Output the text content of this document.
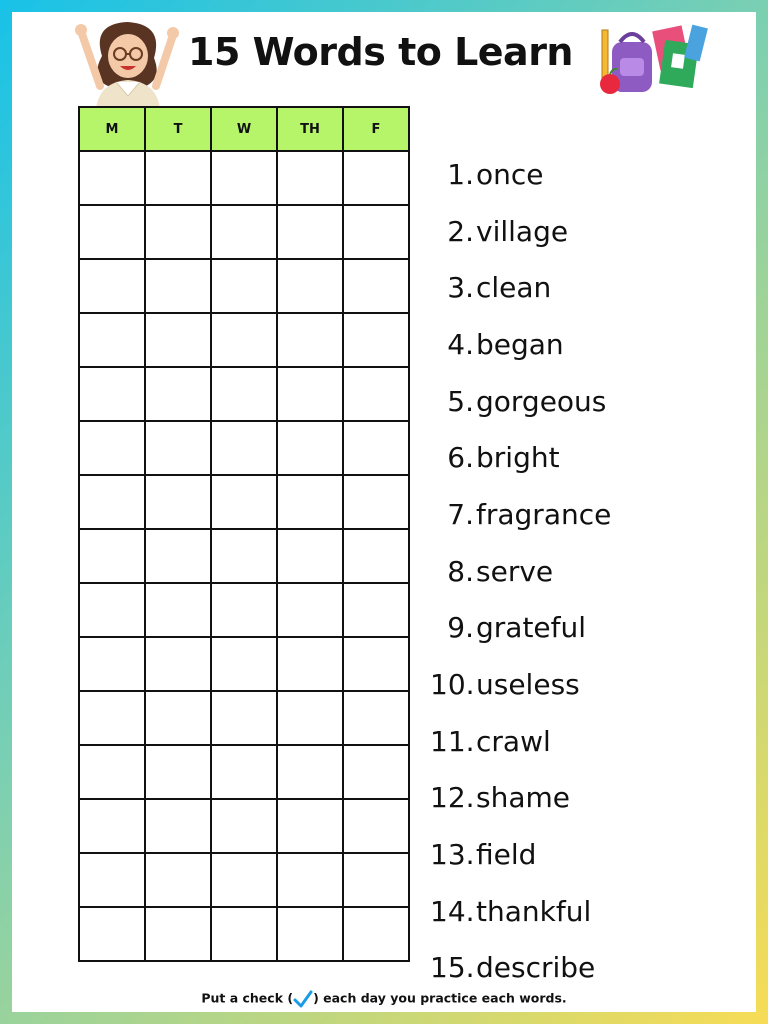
15 Words to Learn
M	T	W	TH	F

1. once
2. village
3. clean
4. began
5. gorgeous
6. bright
7. fragrance
8. serve
9. grateful
10. useless
11. crawl
12. shame
13. field
14. thankful
15. describe
Put a check ( ) each day you practice each words.
